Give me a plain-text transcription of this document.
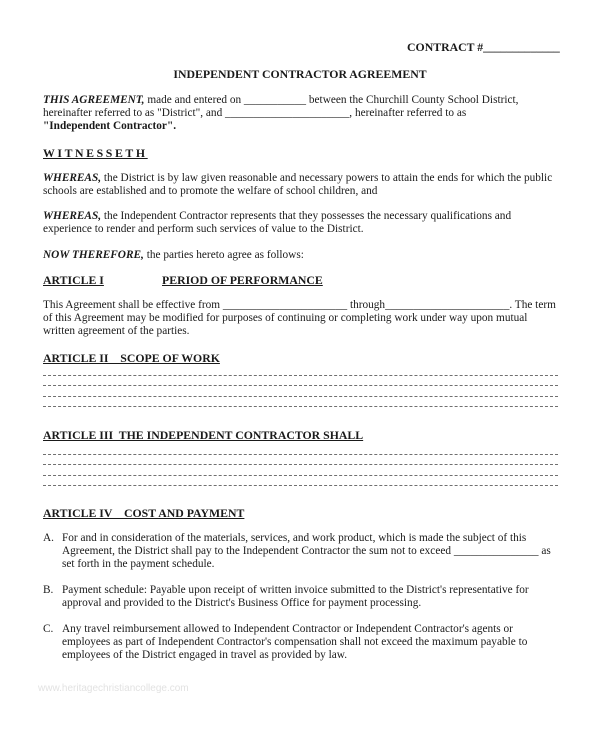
CONTRACT #_____________
INDEPENDENT CONTRACTOR AGREEMENT
THIS AGREEMENT, made and entered on ___________ between the Churchill County School District,
hereinafter referred to as "District", and ______________________, hereinafter referred to as
"Independent Contractor".
WITNESSETH
WHEREAS, the District is by law given reasonable and necessary powers to attain the ends for which the public schools are established and to promote the welfare of school children, and
WHEREAS, the Independent Contractor represents that they possesses the necessary qualifications and experience to render and perform such services of value to the District.
NOW THEREFORE, the parties hereto agree as follows:
ARTICLE I	PERIOD OF PERFORMANCE
This Agreement shall be effective from ______________________ through______________________. The term of this Agreement may be modified for purposes of continuing or completing work under way upon mutual written agreement of the parties.
ARTICLE II    SCOPE OF WORK
ARTICLE III  THE INDEPENDENT CONTRACTOR SHALL
ARTICLE IV    COST AND PAYMENT
A. For and in consideration of the materials, services, and work product, which is made the subject of this Agreement, the District shall pay to the Independent Contractor the sum not to exceed _______________ as set forth in the payment schedule.
B. Payment schedule: Payable upon receipt of written invoice submitted to the District's representative for approval and provided to the District's Business Office for payment processing.
C. Any travel reimbursement allowed to Independent Contractor or Independent Contractor's agents or employees as part of Independent Contractor's compensation shall not exceed the maximum payable to employees of the District engaged in travel as provided by law.
www.heritagechristiancollege.com
